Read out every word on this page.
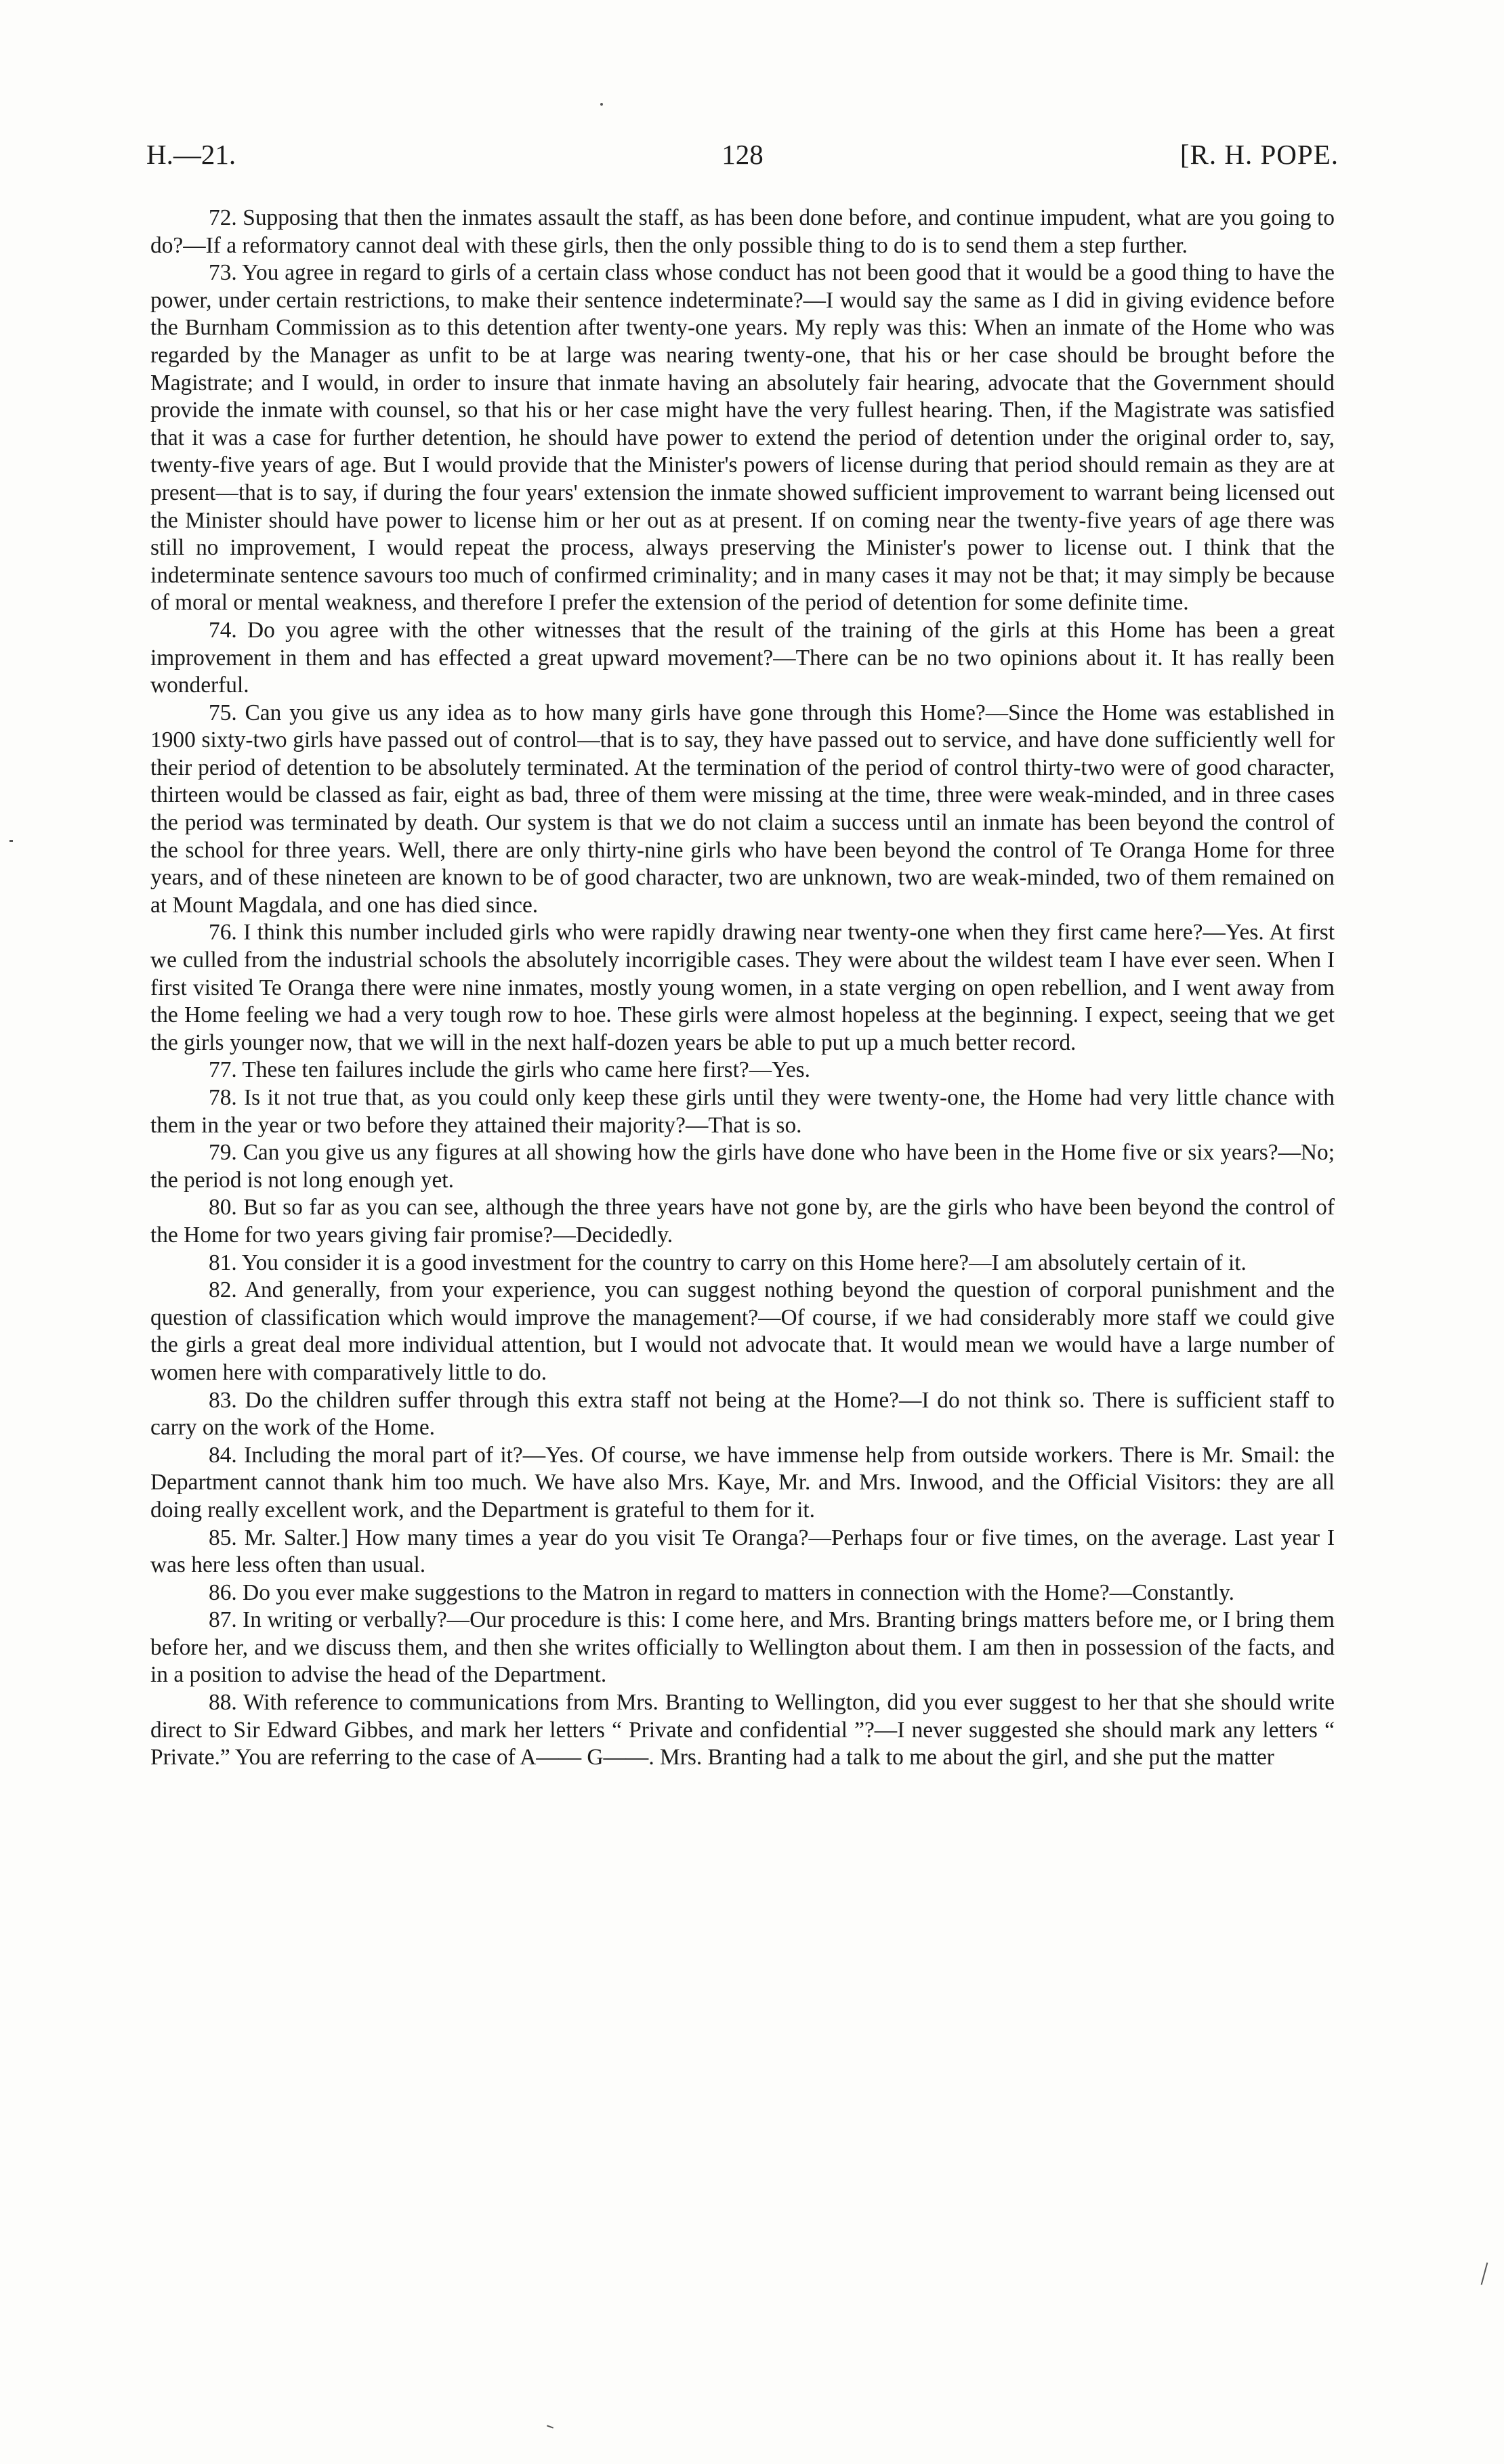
H.—21.	128	[R. H. POPE.

72. Supposing that then the inmates assault the staff, as has been done before, and continue impudent, what are you going to do?—If a reformatory cannot deal with these girls, then the only possible thing to do is to send them a step further.

73. You agree in regard to girls of a certain class whose conduct has not been good that it would be a good thing to have the power, under certain restrictions, to make their sentence indeterminate?—I would say the same as I did in giving evidence before the Burnham Commission as to this detention after twenty-one years. My reply was this: When an inmate of the Home who was regarded by the Manager as unfit to be at large was nearing twenty-one, that his or her case should be brought before the Magistrate; and I would, in order to insure that inmate having an absolutely fair hearing, advocate that the Government should provide the inmate with counsel, so that his or her case might have the very fullest hearing. Then, if the Magistrate was satisfied that it was a case for further detention, he should have power to extend the period of detention under the original order to, say, twenty-five years of age. But I would provide that the Minister's powers of license during that period should remain as they are at present—that is to say, if during the four years' extension the inmate showed sufficient improvement to warrant being licensed out the Minister should have power to license him or her out as at present. If on coming near the twenty-five years of age there was still no improvement, I would repeat the process, always preserving the Minister's power to license out. I think that the indeterminate sentence savours too much of confirmed criminality; and in many cases it may not be that; it may simply be because of moral or mental weakness, and therefore I prefer the extension of the period of detention for some definite time.

74. Do you agree with the other witnesses that the result of the training of the girls at this Home has been a great improvement in them and has effected a great upward movement?—There can be no two opinions about it. It has really been wonderful.

75. Can you give us any idea as to how many girls have gone through this Home?—Since the Home was established in 1900 sixty-two girls have passed out of control—that is to say, they have passed out to service, and have done sufficiently well for their period of detention to be absolutely terminated. At the termination of the period of control thirty-two were of good character, thirteen would be classed as fair, eight as bad, three of them were missing at the time, three were weak-minded, and in three cases the period was terminated by death. Our system is that we do not claim a success until an inmate has been beyond the control of the school for three years. Well, there are only thirty-nine girls who have been beyond the control of Te Oranga Home for three years, and of these nineteen are known to be of good character, two are unknown, two are weak-minded, two of them remained on at Mount Magdala, and one has died since.

76. I think this number included girls who were rapidly drawing near twenty-one when they first came here?—Yes. At first we culled from the industrial schools the absolutely incorrigible cases. They were about the wildest team I have ever seen. When I first visited Te Oranga there were nine inmates, mostly young women, in a state verging on open rebellion, and I went away from the Home feeling we had a very tough row to hoe. These girls were almost hopeless at the beginning. I expect, seeing that we get the girls younger now, that we will in the next half-dozen years be able to put up a much better record.

77. These ten failures include the girls who came here first?—Yes.

78. Is it not true that, as you could only keep these girls until they were twenty-one, the Home had very little chance with them in the year or two before they attained their majority?—That is so.

79. Can you give us any figures at all showing how the girls have done who have been in the Home five or six years?—No; the period is not long enough yet.

80. But so far as you can see, although the three years have not gone by, are the girls who have been beyond the control of the Home for two years giving fair promise?—Decidedly.

81. You consider it is a good investment for the country to carry on this Home here?—I am absolutely certain of it.

82. And generally, from your experience, you can suggest nothing beyond the question of corporal punishment and the question of classification which would improve the management?—Of course, if we had considerably more staff we could give the girls a great deal more individual attention, but I would not advocate that. It would mean we would have a large number of women here with comparatively little to do.

83. Do the children suffer through this extra staff not being at the Home?—I do not think so. There is sufficient staff to carry on the work of the Home.

84. Including the moral part of it?—Yes. Of course, we have immense help from outside workers. There is Mr. Smail: the Department cannot thank him too much. We have also Mrs. Kaye, Mr. and Mrs. Inwood, and the Official Visitors: they are all doing really excellent work, and the Department is grateful to them for it.

85. Mr. Salter.] How many times a year do you visit Te Oranga?—Perhaps four or five times, on the average. Last year I was here less often than usual.

86. Do you ever make suggestions to the Matron in regard to matters in connection with the Home?—Constantly.

87. In writing or verbally?—Our procedure is this: I come here, and Mrs. Branting brings matters before me, or I bring them before her, and we discuss them, and then she writes officially to Wellington about them. I am then in possession of the facts, and in a position to advise the head of the Department.

88. With reference to communications from Mrs. Branting to Wellington, did you ever suggest to her that she should write direct to Sir Edward Gibbes, and mark her letters “ Private and confidential ”?—I never suggested she should mark any letters “ Private.” You are referring to the case of A—— G——. Mrs. Branting had a talk to me about the girl, and she put the matter
